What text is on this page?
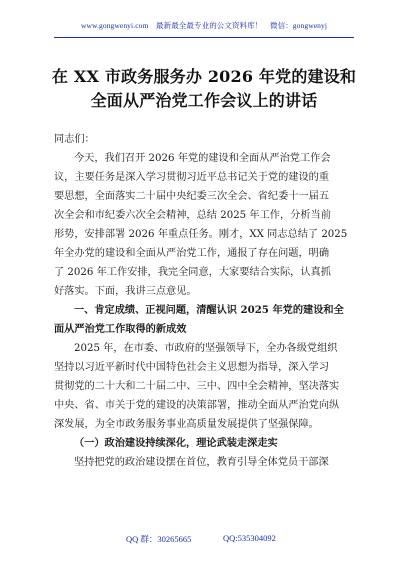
www.gongwenyi.com　最新最全最专业的公文资料库！　微信：gongwenyj
在 XX 市政务服务办 2026 年党的建设和
全面从严治党工作会议上的讲话

同志们：

今天，我们召开 2026 年党的建设和全面从严治党工作会

议，主要任务是深入学习贯彻习近平总书记关于党的建设的重

要思想，全面落实二十届中央纪委三次全会、省纪委十一届五

次全会和市纪委六次全会精神，总结 2025 年工作，分析当前

形势，安排部署 2026 年重点任务。刚才，XX 同志总结了 2025

年全办党的建设和全面从严治党工作，通报了存在问题，明确

了 2026 年工作安排，我完全同意，大家要结合实际，认真抓

好落实。下面，我讲三点意见。

一、肯定成绩、正视问题，清醒认识 2025 年党的建设和全

面从严治党工作取得的新成效

2025 年，在市委、市政府的坚强领导下，全办各级党组织

坚持以习近平新时代中国特色社会主义思想为指导，深入学习

贯彻党的二十大和二十届二中、三中、四中全会精神，坚决落实

中央、省、市关于党的建设的决策部署，推动全面从严治党向纵

深发展，为全市政务服务事业高质量发展提供了坚强保障。

（一）政治建设持续深化，理论武装走深走实

坚持把党的政治建设摆在首位，教育引导全体党员干部深

QQ 群：30265665	QQ:535304092
